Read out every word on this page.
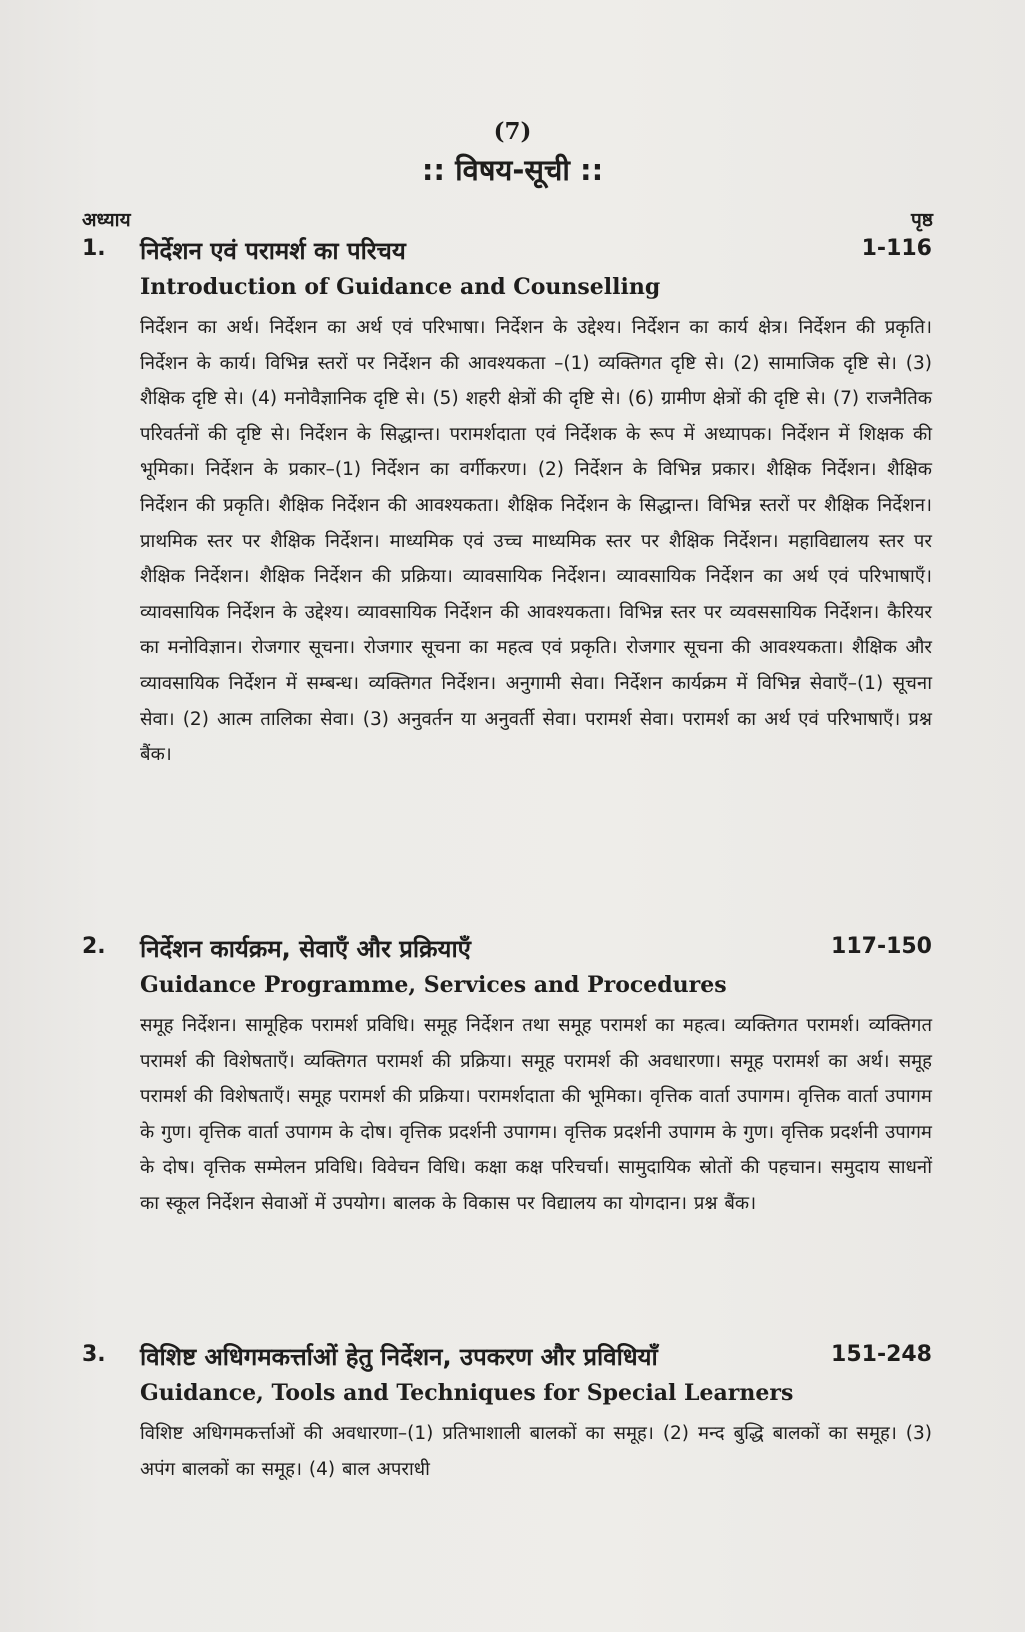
(7)
:: विषय-सूची ::
अध्याय	पृष्ठ
1. निर्देशन एवं परामर्श का परिचय	1-116
Introduction of Guidance and Counselling
निर्देशन का अर्थ। निर्देशन का अर्थ एवं परिभाषा। निर्देशन के उद्देश्य। निर्देशन का कार्य क्षेत्र। निर्देशन की प्रकृति। निर्देशन के कार्य। विभिन्न स्तरों पर निर्देशन की आवश्यकता –(1) व्यक्तिगत दृष्टि से। (2) सामाजिक दृष्टि से। (3) शैक्षिक दृष्टि से। (4) मनोवैज्ञानिक दृष्टि से। (5) शहरी क्षेत्रों की दृष्टि से। (6) ग्रामीण क्षेत्रों की दृष्टि से। (7) राजनैतिक परिवर्तनों की दृष्टि से। निर्देशन के सिद्धान्त। परामर्शदाता एवं निर्देशक के रूप में अध्यापक। निर्देशन में शिक्षक की भूमिका। निर्देशन के प्रकार–(1) निर्देशन का वर्गीकरण। (2) निर्देशन के विभिन्न प्रकार। शैक्षिक निर्देशन। शैक्षिक निर्देशन की प्रकृति। शैक्षिक निर्देशन की आवश्यकता। शैक्षिक निर्देशन के सिद्धान्त। विभिन्न स्तरों पर शैक्षिक निर्देशन। प्राथमिक स्तर पर शैक्षिक निर्देशन। माध्यमिक एवं उच्च माध्यमिक स्तर पर शैक्षिक निर्देशन। महाविद्यालय स्तर पर शैक्षिक निर्देशन। शैक्षिक निर्देशन की प्रक्रिया। व्यावसायिक निर्देशन। व्यावसायिक निर्देशन का अर्थ एवं परिभाषाएँ। व्यावसायिक निर्देशन के उद्देश्य। व्यावसायिक निर्देशन की आवश्यकता। विभिन्न स्तर पर व्यवससायिक निर्देशन। कैरियर का मनोविज्ञान। रोजगार सूचना। रोजगार सूचना का महत्व एवं प्रकृति। रोजगार सूचना की आवश्यकता। शैक्षिक और व्यावसायिक निर्देशन में सम्बन्ध। व्यक्तिगत निर्देशन। अनुगामी सेवा। निर्देशन कार्यक्रम में विभिन्न सेवाएँ–(1) सूचना सेवा। (2) आत्म तालिका सेवा। (3) अनुवर्तन या अनुवर्ती सेवा। परामर्श सेवा। परामर्श का अर्थ एवं परिभाषाएँ। प्रश्न बैंक।
2. निर्देशन कार्यक्रम, सेवाएँ और प्रक्रियाएँ	117-150
Guidance Programme, Services and Procedures
समूह निर्देशन। सामूहिक परामर्श प्रविधि। समूह निर्देशन तथा समूह परामर्श का महत्व। व्यक्तिगत परामर्श। व्यक्तिगत परामर्श की विशेषताएँ। व्यक्तिगत परामर्श की प्रक्रिया। समूह परामर्श की अवधारणा। समूह परामर्श का अर्थ। समूह परामर्श की विशेषताएँ। समूह परामर्श की प्रक्रिया। परामर्शदाता की भूमिका। वृत्तिक वार्ता उपागम। वृत्तिक वार्ता उपागम के गुण। वृत्तिक वार्ता उपागम के दोष। वृत्तिक प्रदर्शनी उपागम। वृत्तिक प्रदर्शनी उपागम के गुण। वृत्तिक प्रदर्शनी उपागम के दोष। वृत्तिक सम्मेलन प्रविधि। विवेचन विधि। कक्षा कक्ष परिचर्चा। सामुदायिक स्रोतों की पहचान। समुदाय साधनों का स्कूल निर्देशन सेवाओं में उपयोग। बालक के विकास पर विद्यालय का योगदान। प्रश्न बैंक।
3. विशिष्ट अधिगमकर्त्ताओं हेतु निर्देशन, उपकरण और प्रविधियाँ	151-248
Guidance, Tools and Techniques for Special Learners
विशिष्ट अधिगमकर्त्ताओं की अवधारणा–(1) प्रतिभाशाली बालकों का समूह। (2) मन्द बुद्धि बालकों का समूह। (3) अपंग बालकों का समूह। (4) बाल अपराधी
